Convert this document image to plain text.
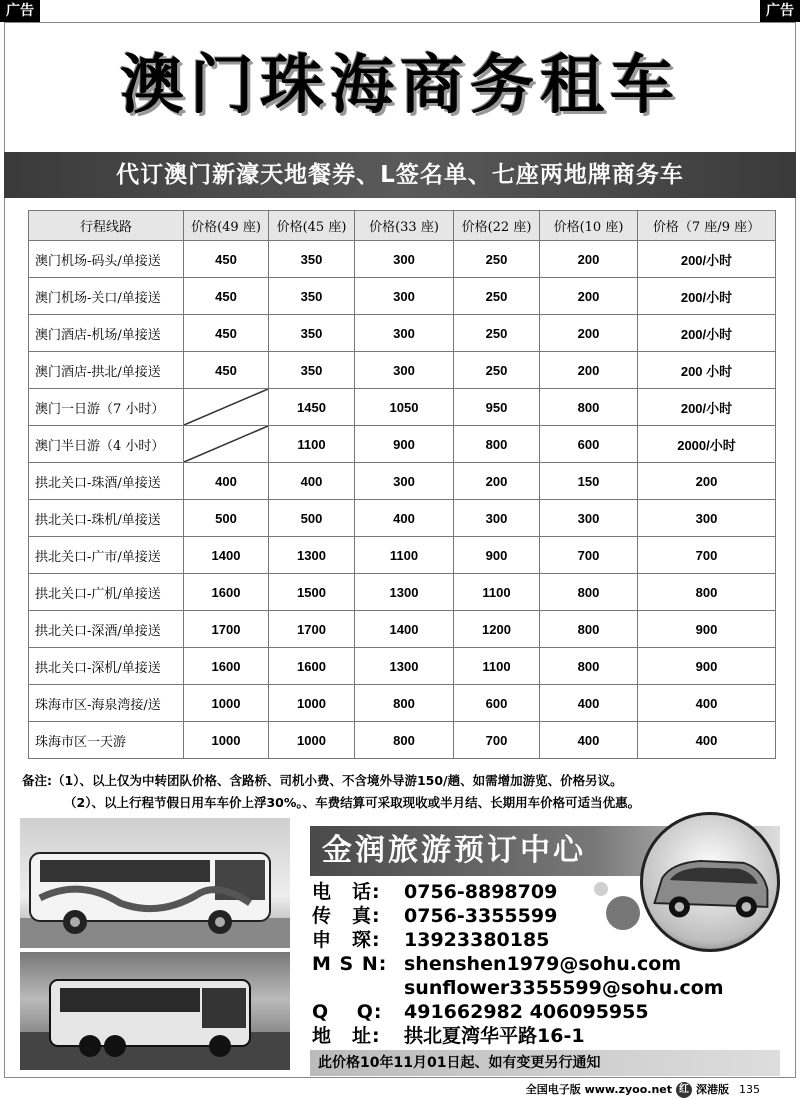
广告	广告
澳门珠海商务租车
代订澳门新濠天地餐券、L签名单、七座两地牌商务车
行程线路	价格(49 座)	价格(45 座)	价格(33 座)	价格(22 座)	价格(10 座)	价格（7 座/9 座）
澳门机场-码头/单接送	450	350	300	250	200	200/小时
澳门机场-关口/单接送	450	350	300	250	200	200/小时
澳门酒店-机场/单接送	450	350	300	250	200	200/小时
澳门酒店-拱北/单接送	450	350	300	250	200	200 小时
澳门一日游（7 小时）		1450	1050	950	800	200/小时
澳门半日游（4 小时）		1100	900	800	600	2000/小时
拱北关口-珠酒/单接送	400	400	300	200	150	200
拱北关口-珠机/单接送	500	500	400	300	300	300
拱北关口-广市/单接送	1400	1300	1100	900	700	700
拱北关口-广机/单接送	1600	1500	1300	1100	800	800
拱北关口-深酒/单接送	1700	1700	1400	1200	800	900
拱北关口-深机/单接送	1600	1600	1300	1100	800	900
珠海市区-海泉湾接/送	1000	1000	800	600	400	400
珠海市区一天游	1000	1000	800	700	400	400
备注:（1）、以上仅为中转团队价格、含路桥、司机小费、不含境外导游150/趟、如需增加游览、价格另议。
（2）、以上行程节假日用车车价上浮30%。、车费结算可采取现收或半月结、长期用车价格可适当优惠。
金润旅游预订中心
电　话: 0756-8898709
传　真: 0756-3355599
申　琛: 13923380185
M S N: shenshen1979@sohu.com
sunflower3355599@sohu.com
Q　 Q: 491662982 406095955
地　址: 拱北夏湾华平路16-1
此价格10年11月01日起、如有变更另行通知
全国电子版 www.zyoo.net 红 深港版 135
